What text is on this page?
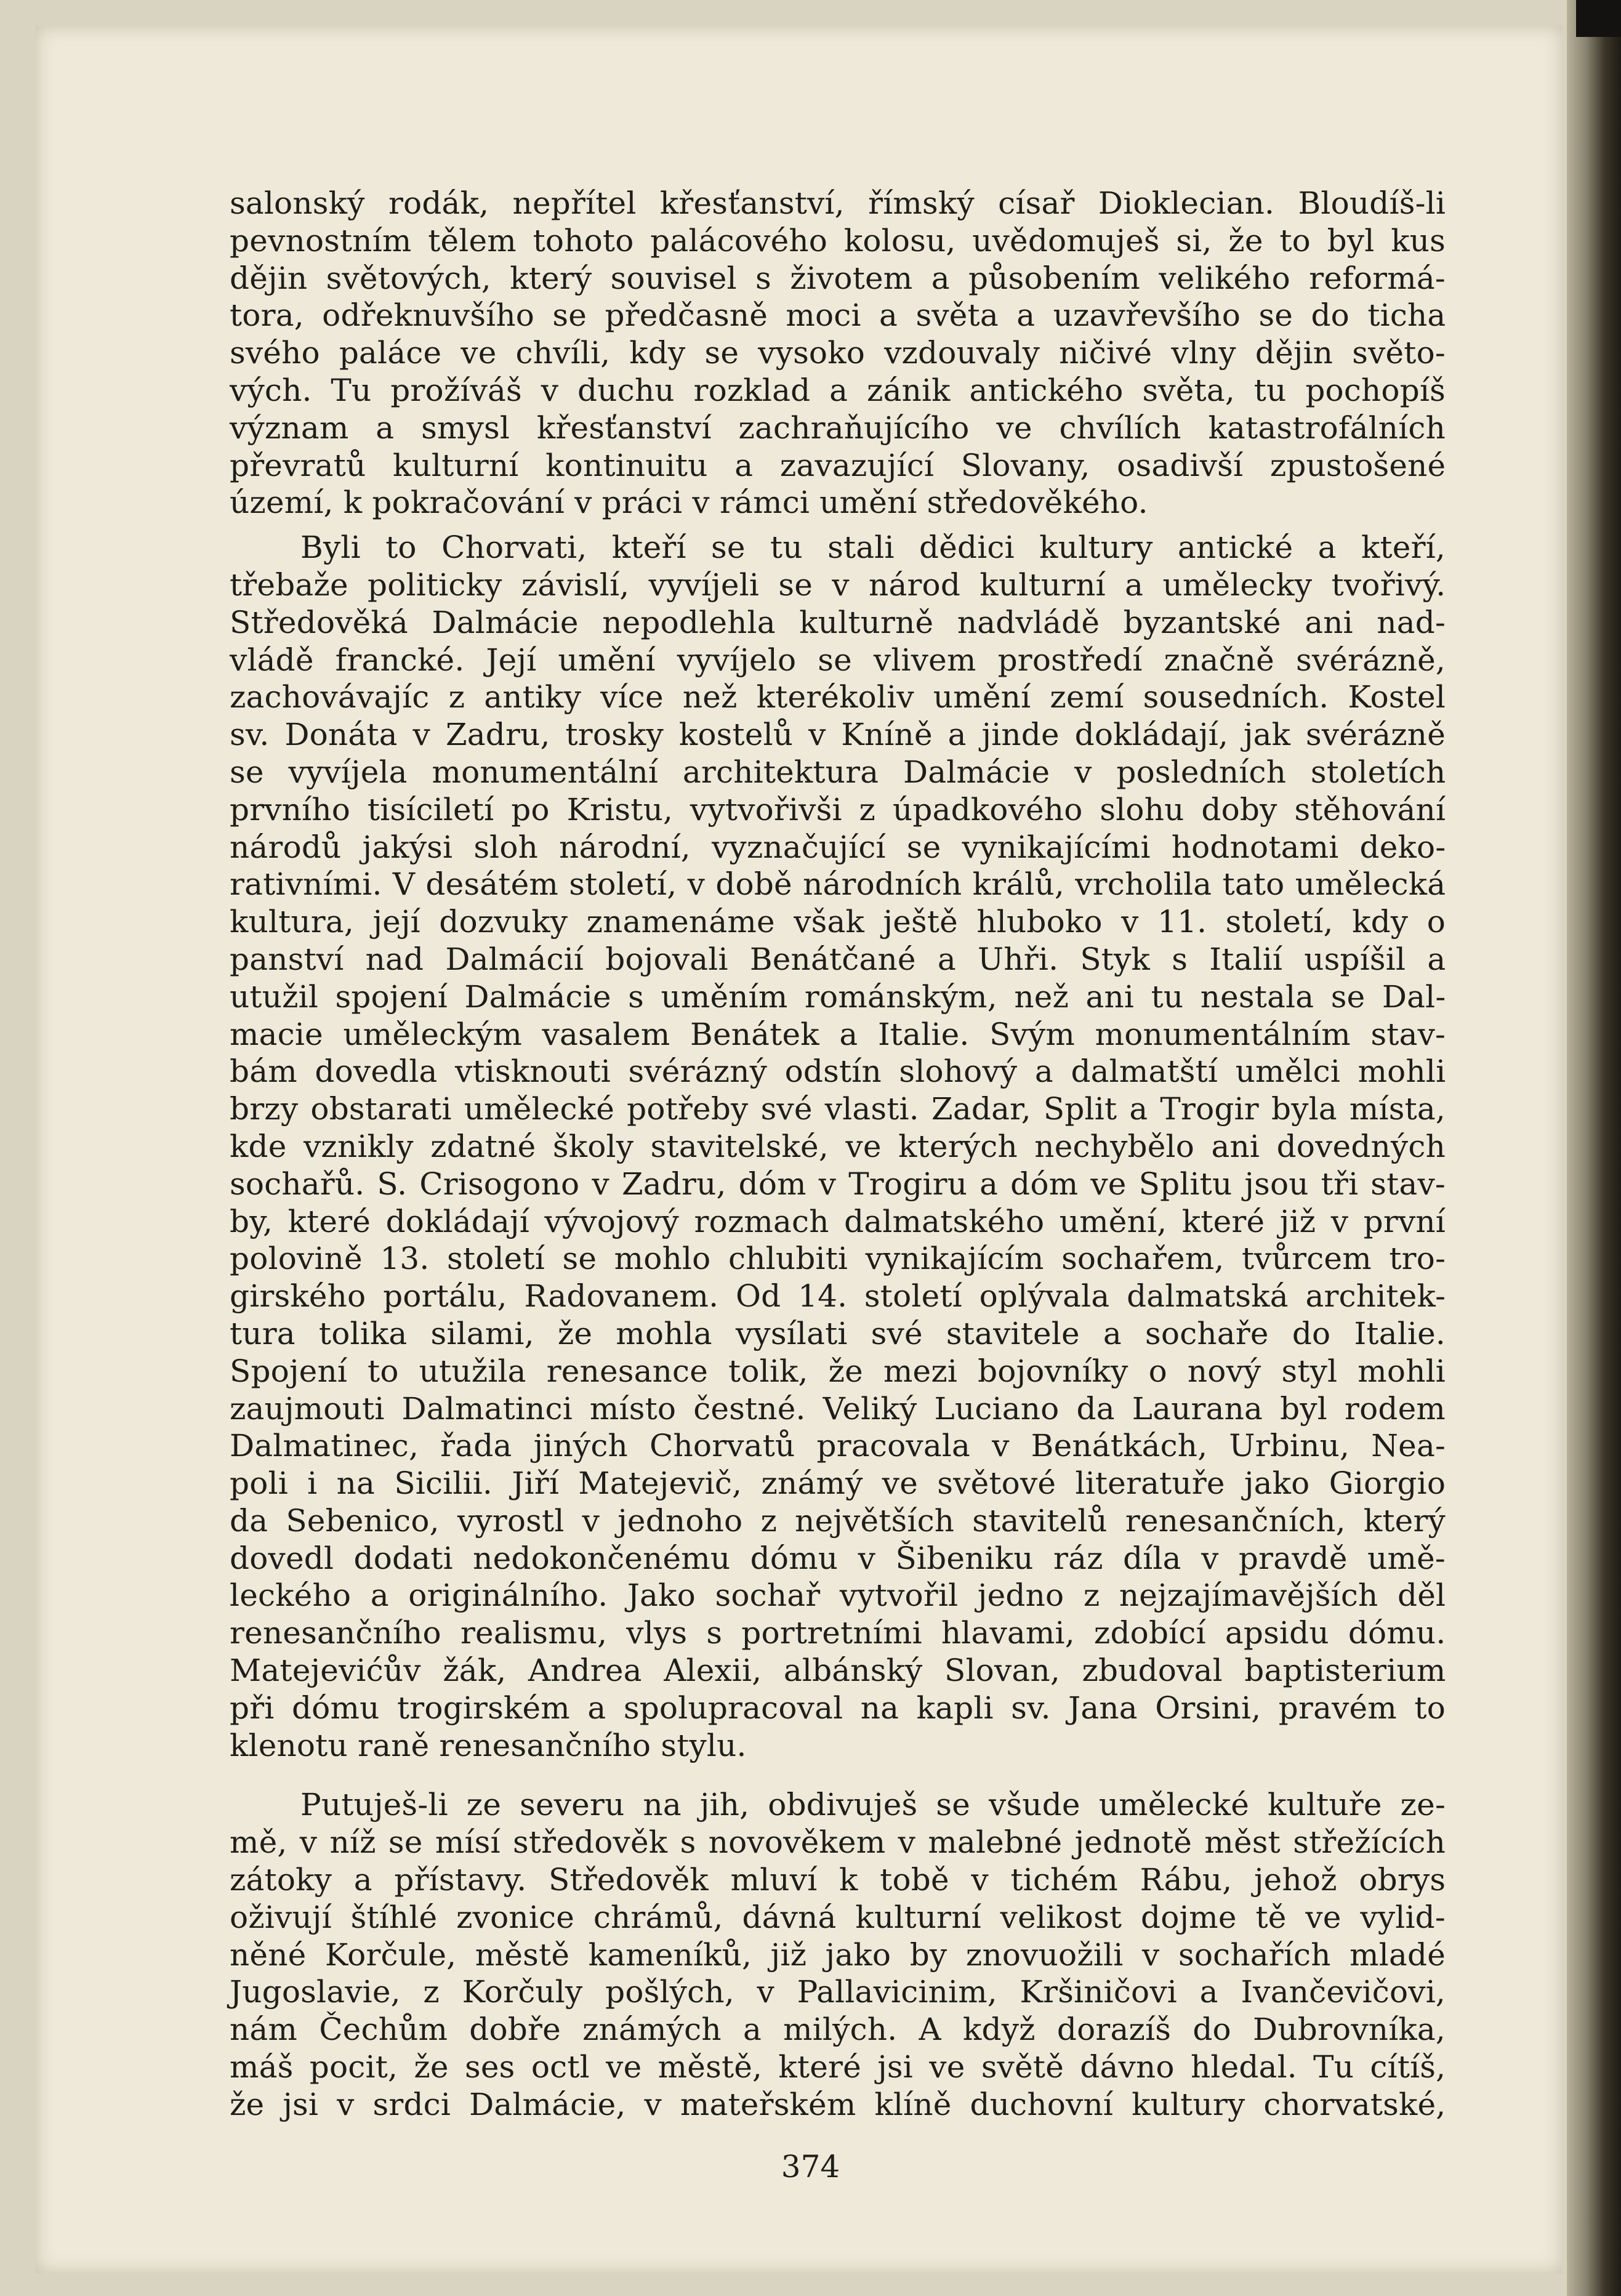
salonský rodák, nepřítel křesťanství, římský císař Dioklecian. Bloudíš-li
pevnostním tělem tohoto palácového kolosu, uvědomuješ si, že to byl kus
dějin světových, který souvisel s životem a působením velikého reformá-
tora, odřeknuvšího se předčasně moci a světa a uzavřevšího se do ticha
svého paláce ve chvíli, kdy se vysoko vzdouvaly ničivé vlny dějin světo-
vých. Tu prožíváš v duchu rozklad a zánik antického světa, tu pochopíš
význam a smysl křesťanství zachraňujícího ve chvílích katastrofálních
převratů kulturní kontinuitu a zavazující Slovany, osadivší zpustošené
území, k pokračování v práci v rámci umění středověkého.
Byli to Chorvati, kteří se tu stali dědici kultury antické a kteří,
třebaže politicky závislí, vyvíjeli se v národ kulturní a umělecky tvořivý.
Středověká Dalmácie nepodlehla kulturně nadvládě byzantské ani nad-
vládě francké. Její umění vyvíjelo se vlivem prostředí značně svérázně,
zachovávajíc z antiky více než kterékoliv umění zemí sousedních. Kostel
sv. Donáta v Zadru, trosky kostelů v Kníně a jinde dokládají, jak svérázně
se vyvíjela monumentální architektura Dalmácie v posledních stoletích
prvního tisíciletí po Kristu, vytvořivši z úpadkového slohu doby stěhování
národů jakýsi sloh národní, vyznačující se vynikajícími hodnotami deko-
rativními. V desátém století, v době národních králů, vrcholila tato umělecká
kultura, její dozvuky znamenáme však ještě hluboko v 11. století, kdy o
panství nad Dalmácií bojovali Benátčané a Uhři. Styk s Italií uspíšil a
utužil spojení Dalmácie s uměním románským, než ani tu nestala se Dal-
macie uměleckým vasalem Benátek a Italie. Svým monumentálním stav-
bám dovedla vtisknouti svérázný odstín slohový a dalmatští umělci mohli
brzy obstarati umělecké potřeby své vlasti. Zadar, Split a Trogir byla místa,
kde vznikly zdatné školy stavitelské, ve kterých nechybělo ani dovedných
sochařů. S. Crisogono v Zadru, dóm v Trogiru a dóm ve Splitu jsou tři stav-
by, které dokládají vývojový rozmach dalmatského umění, které již v první
polovině 13. století se mohlo chlubiti vynikajícím sochařem, tvůrcem tro-
girského portálu, Radovanem. Od 14. století oplývala dalmatská architek-
tura tolika silami, že mohla vysílati své stavitele a sochaře do Italie.
Spojení to utužila renesance tolik, že mezi bojovníky o nový styl mohli
zaujmouti Dalmatinci místo čestné. Veliký Luciano da Laurana byl rodem
Dalmatinec, řada jiných Chorvatů pracovala v Benátkách, Urbinu, Nea-
poli i na Sicilii. Jiří Matejevič, známý ve světové literatuře jako Giorgio
da Sebenico, vyrostl v jednoho z největších stavitelů renesančních, který
dovedl dodati nedokončenému dómu v Šibeniku ráz díla v pravdě umě-
leckého a originálního. Jako sochař vytvořil jedno z nejzajímavějších děl
renesančního realismu, vlys s portretními hlavami, zdobící apsidu dómu.
Matejevićův žák, Andrea Alexii, albánský Slovan, zbudoval baptisterium
při dómu trogirském a spolupracoval na kapli sv. Jana Orsini, pravém to
klenotu raně renesančního stylu.
Putuješ-li ze severu na jih, obdivuješ se všude umělecké kultuře ze-
mě, v níž se mísí středověk s novověkem v malebné jednotě měst střežících
zátoky a přístavy. Středověk mluví k tobě v tichém Rábu, jehož obrys
oživují štíhlé zvonice chrámů, dávná kulturní velikost dojme tě ve vylid-
něné Korčule, městě kameníků, již jako by znovuožili v sochařích mladé
Jugoslavie, z Korčuly pošlých, v Pallavicinim, Kršiničovi a Ivančevičovi,
nám Čechům dobře známých a milých. A když dorazíš do Dubrovníka,
máš pocit, že ses octl ve městě, které jsi ve světě dávno hledal. Tu cítíš,
že jsi v srdci Dalmácie, v mateřském klíně duchovní kultury chorvatské,
374
